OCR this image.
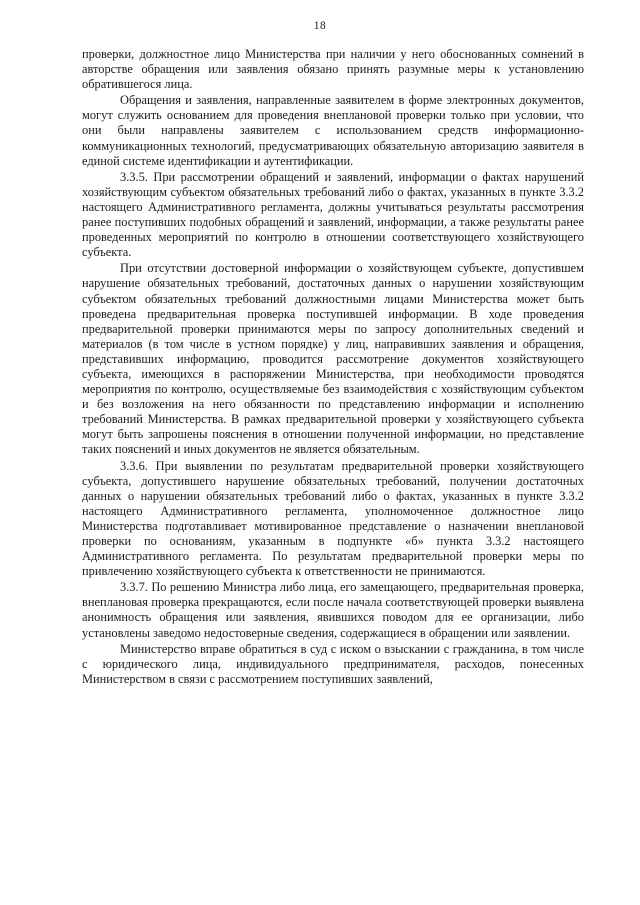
18

проверки, должностное лицо Министерства при наличии у него обоснованных сомнений в авторстве обращения или заявления обязано принять разумные меры к установлению обратившегося лица.

Обращения и заявления, направленные заявителем в форме электронных документов, могут служить основанием для проведения внеплановой проверки только при условии, что они были направлены заявителем с использованием средств информационно-коммуникационных технологий, предусматривающих обязательную авторизацию заявителя в единой системе идентификации и аутентификации.

3.3.5. При рассмотрении обращений и заявлений, информации о фактах нарушений хозяйствующим субъектом обязательных требований либо о фактах, указанных в пункте 3.3.2 настоящего Административного регламента, должны учитываться результаты рассмотрения ранее поступивших подобных обращений и заявлений, информации, а также результаты ранее проведенных мероприятий по контролю в отношении соответствующего хозяйствующего субъекта.

При отсутствии достоверной информации о хозяйствующем субъекте, допустившем нарушение обязательных требований, достаточных данных о нарушении хозяйствующим субъектом обязательных требований должностными лицами Министерства может быть проведена предварительная проверка поступившей информации. В ходе проведения предварительной проверки принимаются меры по запросу дополнительных сведений и материалов (в том числе в устном порядке) у лиц, направивших заявления и обращения, представивших информацию, проводится рассмотрение документов хозяйствующего субъекта, имеющихся в распоряжении Министерства, при необходимости проводятся мероприятия по контролю, осуществляемые без взаимодействия с хозяйствующим субъектом и без возложения на него обязанности по представлению информации и исполнению требований Министерства. В рамках предварительной проверки у хозяйствующего субъекта могут быть запрошены пояснения в отношении полученной информации, но представление таких пояснений и иных документов не является обязательным.

3.3.6. При выявлении по результатам предварительной проверки хозяйствующего субъекта, допустившего нарушение обязательных требований, получении достаточных данных о нарушении обязательных требований либо о фактах, указанных в пункте 3.3.2 настоящего Административного регламента, уполномоченное должностное лицо Министерства подготавливает мотивированное представление о назначении внеплановой проверки по основаниям, указанным в подпункте «б» пункта 3.3.2 настоящего Административного регламента. По результатам предварительной проверки меры по привлечению хозяйствующего субъекта к ответственности не принимаются.

3.3.7. По решению Министра либо лица, его замещающего, предварительная проверка, внеплановая проверка прекращаются, если после начала соответствующей проверки выявлена анонимность обращения или заявления, явившихся поводом для ее организации, либо установлены заведомо недостоверные сведения, содержащиеся в обращении или заявлении.

Министерство вправе обратиться в суд с иском о взыскании с гражданина, в том числе с юридического лица, индивидуального предпринимателя, расходов, понесенных Министерством в связи с рассмотрением поступивших заявлений,
